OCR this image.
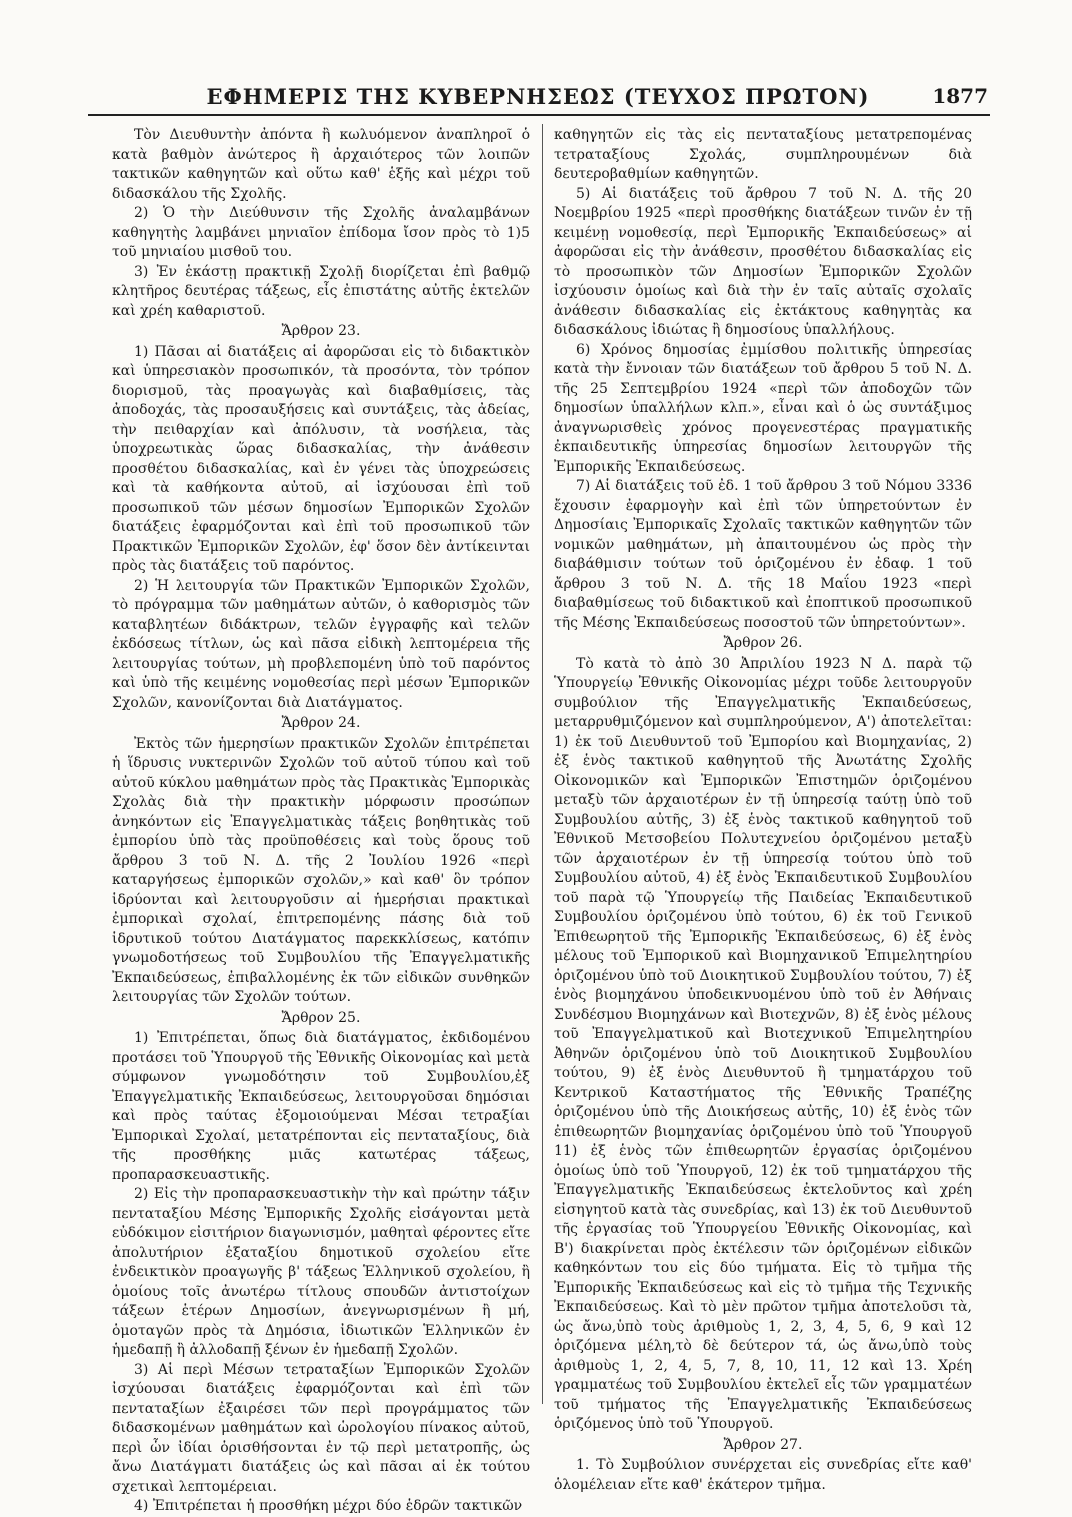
ΕΦΗΜΕΡΙΣ ΤΗΣ ΚΥΒΕΡΝΗΣΕΩΣ (ΤΕΥΧΟΣ ΠΡΩΤΟΝ)	1877

Τὸν Διευθυντὴν ἀπόντα ἢ κωλυόμενον ἀναπληροῖ ὁ κατὰ βαθμὸν ἀνώτερος ἢ ἀρχαιότερος τῶν λοιπῶν τακτικῶν καθηγητῶν καὶ οὕτω καθ' ἑξῆς καὶ μέχρι τοῦ διδασκάλου τῆς Σχολῆς.

2) Ὁ τὴν Διεύθυνσιν τῆς Σχολῆς ἀναλαμβάνων καθηγητὴς λαμβάνει μηνιαῖον ἐπίδομα ἴσον πρὸς τὸ 1)5 τοῦ μηνιαίου μισθοῦ του.

3) Ἐν ἑκάστῃ πρακτικῇ Σχολῇ διορίζεται ἐπὶ βαθμῷ κλητῆρος δευτέρας τάξεως, εἷς ἐπιστάτης αὐτῆς ἐκτελῶν καὶ χρέη καθαριστοῦ.

Ἄρθρον 23.

1) Πᾶσαι αἱ διατάξεις αἱ ἀφορῶσαι εἰς τὸ διδακτικὸν καὶ ὑπηρεσιακὸν προσωπικόν, τὰ προσόντα, τὸν τρόπον διορισμοῦ, τὰς προαγωγὰς καὶ διαβαθμίσεις, τὰς ἀποδοχάς, τὰς προσαυξήσεις καὶ συντάξεις, τὰς ἀδείας, τὴν πειθαρχίαν καὶ ἀπόλυσιν, τὰ νοσήλεια, τὰς ὑποχρεωτικὰς ὥρας διδασκαλίας, τὴν ἀνάθεσιν προσθέτου διδασκαλίας, καὶ ἐν γένει τὰς ὑποχρεώσεις καὶ τὰ καθήκοντα αὐτοῦ, αἱ ἰσχύουσαι ἐπὶ τοῦ προσωπικοῦ τῶν μέσων δημοσίων Ἐμπορικῶν Σχολῶν διατάξεις ἐφαρμόζονται καὶ ἐπὶ τοῦ προσωπικοῦ τῶν Πρακτικῶν Ἐμπορικῶν Σχολῶν, ἐφ' ὅσον δὲν ἀντίκεινται πρὸς τὰς διατάξεις τοῦ παρόντος.

2) Ἡ λειτουργία τῶν Πρακτικῶν Ἐμπορικῶν Σχολῶν, τὸ πρόγραμμα τῶν μαθημάτων αὐτῶν, ὁ καθορισμὸς τῶν καταβλητέων διδάκτρων, τελῶν ἐγγραφῆς καὶ τελῶν ἐκδόσεως τίτλων, ὡς καὶ πᾶσα εἰδικὴ λεπτομέρεια τῆς λειτουργίας τούτων, μὴ προβλεπομένη ὑπὸ τοῦ παρόντος καὶ ὑπὸ τῆς κειμένης νομοθεσίας περὶ μέσων Ἐμπορικῶν Σχολῶν, κανονίζονται διὰ Διατάγματος.

Ἄρθρον 24.

Ἐκτὸς τῶν ἡμερησίων πρακτικῶν Σχολῶν ἐπιτρέπεται ἡ ἵδρυσις νυκτερινῶν Σχολῶν τοῦ αὐτοῦ τύπου καὶ τοῦ αὐτοῦ κύκλου μαθημάτων πρὸς τὰς Πρακτικὰς Ἐμπορικὰς Σχολὰς διὰ τὴν πρακτικὴν μόρφωσιν προσώπων ἀνηκόντων εἰς Ἐπαγγελματικὰς τάξεις βοηθητικὰς τοῦ ἐμπορίου ὑπὸ τὰς προϋποθέσεις καὶ τοὺς ὅρους τοῦ ἄρθρου 3 τοῦ Ν. Δ. τῆς 2 Ἰουλίου 1926 «περὶ καταργήσεως ἐμπορικῶν σχολῶν,» καὶ καθ' ὃν τρόπον ἱδρύονται καὶ λειτουργοῦσιν αἱ ἡμερήσιαι πρακτικαὶ ἐμπορικαὶ σχολαί, ἐπιτρεπομένης πάσης διὰ τοῦ ἱδρυτικοῦ τούτου Διατάγματος παρεκκλίσεως, κατόπιν γνωμοδοτήσεως τοῦ Συμβουλίου τῆς Ἐπαγγελματικῆς Ἐκπαιδεύσεως, ἐπιβαλλομένης ἐκ τῶν εἰδικῶν συνθηκῶν λειτουργίας τῶν Σχολῶν τούτων.

Ἄρθρον 25.

1) Ἐπιτρέπεται, ὅπως διὰ διατάγματος, ἐκδιδομένου προτάσει τοῦ Ὑπουργοῦ τῆς Ἐθνικῆς Οἰκονομίας καὶ μετὰ σύμφωνον γνωμοδότησιν τοῦ Συμβουλίου,ἐξ Ἐπαγγελματικῆς Ἐκπαιδεύσεως, λειτουργοῦσαι δημόσιαι καὶ πρὸς ταύτας ἐξομοιούμεναι Μέσαι τετραξίαι Ἐμπορικαὶ Σχολαί, μετατρέπονται εἰς πενταταξίους, διὰ τῆς προσθήκης μιᾶς κατωτέρας τάξεως, προπαρασκευαστικῆς.

2) Εἰς τὴν προπαρασκευαστικὴν τὴν καὶ πρώτην τάξιν πενταταξίου Μέσης Ἐμπορικῆς Σχολῆς εἰσάγονται μετὰ εὐδόκιμον εἰσιτήριον διαγωνισμόν, μαθηταὶ φέροντες εἴτε ἀπολυτήριον ἑξαταξίου δημοτικοῦ σχολείου εἴτε ἐνδεικτικὸν προαγωγῆς β' τάξεως Ἑλληνικοῦ σχολείου, ἢ ὁμοίους τοῖς ἀνωτέρω τίτλους σπουδῶν ἀντιστοίχων τάξεων ἑτέρων Δημοσίων, ἀνεγνωρισμένων ἢ μή, ὁμοταγῶν πρὸς τὰ Δημόσια, ἰδιωτικῶν Ἑλληνικῶν ἐν ἡμεδαπῇ ἢ ἀλλοδαπῇ ξένων ἐν ἡμεδαπῇ Σχολῶν.

3) Αἱ περὶ Μέσων τετραταξίων Ἐμπορικῶν Σχολῶν ἰσχύουσαι διατάξεις ἐφαρμόζονται καὶ ἐπὶ τῶν πενταταξίων ἐξαιρέσει τῶν περὶ προγράμματος τῶν διδασκομένων μαθημάτων καὶ ὡρολογίου πίνακος αὐτοῦ, περὶ ὧν ἰδίαι ὁρισθήσονται ἐν τῷ περὶ μετατροπῆς, ὡς ἄνω Διατάγματι διατάξεις ὡς καὶ πᾶσαι αἱ ἐκ τούτου σχετικαὶ λεπτομέρειαι.

4) Ἐπιτρέπεται ἡ προσθήκη μέχρι δύο ἑδρῶν τακτικῶν

καθηγητῶν εἰς τὰς εἰς πενταταξίους μετατρεπομένας τετραταξίους Σχολάς, συμπληρουμένων διὰ δευτεροβαθμίων καθηγητῶν.

5) Αἱ διατάξεις τοῦ ἄρθρου 7 τοῦ Ν. Δ. τῆς 20 Νοεμβρίου 1925 «περὶ προσθήκης διατάξεων τινῶν ἐν τῇ κειμένῃ νομοθεσίᾳ, περὶ Ἐμπορικῆς Ἐκπαιδεύσεως» αἱ ἀφορῶσαι εἰς τὴν ἀνάθεσιν, προσθέτου διδασκαλίας εἰς τὸ προσωπικὸν τῶν Δημοσίων Ἐμπορικῶν Σχολῶν ἰσχύουσιν ὁμοίως καὶ διὰ τὴν ἐν ταῖς αὐταῖς σχολαῖς ἀνάθεσιν διδασκαλίας εἰς ἐκτάκτους καθηγητὰς κα διδασκάλους ἰδιώτας ἢ δημοσίους ὑπαλλήλους.

6) Χρόνος δημοσίας ἐμμίσθου πολιτικῆς ὑπηρεσίας κατὰ τὴν ἔννοιαν τῶν διατάξεων τοῦ ἄρθρου 5 τοῦ Ν. Δ. τῆς 25 Σεπτεμβρίου 1924 «περὶ τῶν ἀποδοχῶν τῶν δημοσίων ὑπαλλήλων κλπ.», εἶναι καὶ ὁ ὡς συντάξιμος ἀναγνωρισθεὶς χρόνος προγενεστέρας πραγματικῆς ἐκπαιδευτικῆς ὑπηρεσίας δημοσίων λειτουργῶν τῆς Ἐμπορικῆς Ἐκπαιδεύσεως.

7) Αἱ διατάξεις τοῦ ἐδ. 1 τοῦ ἄρθρου 3 τοῦ Νόμου 3336 ἔχουσιν ἐφαρμογὴν καὶ ἐπὶ τῶν ὑπηρετούντων ἐν Δημοσίαις Ἐμπορικαῖς Σχολαῖς τακτικῶν καθηγητῶν τῶν νομικῶν μαθημάτων, μὴ ἀπαιτουμένου ὡς πρὸς τὴν διαβάθμισιν τούτων τοῦ ὁριζομένου ἐν ἐδαφ. 1 τοῦ ἄρθρου 3 τοῦ Ν. Δ. τῆς 18 Μαΐου 1923 «περὶ διαβαθμίσεως τοῦ διδακτικοῦ καὶ ἐποπτικοῦ προσωπικοῦ τῆς Μέσης Ἐκπαιδεύσεως ποσοστοῦ τῶν ὑπηρετούντων».

Ἄρθρον 26.

Τὸ κατὰ τὸ ἀπὸ 30 Ἀπριλίου 1923 Ν Δ. παρὰ τῷ Ὑπουργείῳ Ἐθνικῆς Οἰκονομίας μέχρι τοῦδε λειτουργοῦν συμβούλιον τῆς Ἐπαγγελματικῆς Ἐκπαιδεύσεως, μεταρρυθμιζόμενον καὶ συμπληρούμενον, Α') ἀποτελεῖται: 1) ἐκ τοῦ Διευθυντοῦ τοῦ Ἐμπορίου καὶ Βιομηχανίας, 2) ἐξ ἑνὸς τακτικοῦ καθηγητοῦ τῆς Ἀνωτάτης Σχολῆς Οἰκονομικῶν καὶ Ἐμπορικῶν Ἐπιστημῶν ὁριζομένου μεταξὺ τῶν ἀρχαιοτέρων ἐν τῇ ὑπηρεσίᾳ ταύτῃ ὑπὸ τοῦ Συμβουλίου αὐτῆς, 3) ἐξ ἑνὸς τακτικοῦ καθηγητοῦ τοῦ Ἐθνικοῦ Μετσοβείου Πολυτεχνείου ὁριζομένου μεταξὺ τῶν ἀρχαιοτέρων ἐν τῇ ὑπηρεσίᾳ τούτου ὑπὸ τοῦ Συμβουλίου αὐτοῦ, 4) ἐξ ἑνὸς Ἐκπαιδευτικοῦ Συμβουλίου τοῦ παρὰ τῷ Ὑπουργείῳ τῆς Παιδείας Ἐκπαιδευτικοῦ Συμβουλίου ὁριζομένου ὑπὸ τούτου, 6) ἐκ τοῦ Γενικοῦ Ἐπιθεωρητοῦ τῆς Ἐμπορικῆς Ἐκπαιδεύσεως, 6) ἐξ ἑνὸς μέλους τοῦ Ἐμπορικοῦ καὶ Βιομηχανικοῦ Ἐπιμελητηρίου ὁριζομένου ὑπὸ τοῦ Διοικητικοῦ Συμβουλίου τούτου, 7) ἐξ ἑνὸς βιομηχάνου ὑποδεικνυομένου ὑπὸ τοῦ ἐν Ἀθήναις Συνδέσμου Βιομηχάνων καὶ Βιοτεχνῶν, 8) ἐξ ἑνὸς μέλους τοῦ Ἐπαγγελματικοῦ καὶ Βιοτεχνικοῦ Ἐπιμελητηρίου Ἀθηνῶν ὁριζομένου ὑπὸ τοῦ Διοικητικοῦ Συμβουλίου τούτου, 9) ἐξ ἑνὸς Διευθυντοῦ ἢ τμηματάρχου τοῦ Κεντρικοῦ Καταστήματος τῆς Ἐθνικῆς Τραπέζης ὁριζομένου ὑπὸ τῆς Διοικήσεως αὐτῆς, 10) ἐξ ἑνὸς τῶν ἐπιθεωρητῶν βιομηχανίας ὁριζομένου ὑπὸ τοῦ Ὑπουργοῦ 11) ἐξ ἑνὸς τῶν ἐπιθεωρητῶν ἐργασίας ὁριζομένου ὁμοίως ὑπὸ τοῦ Ὑπουργοῦ, 12) ἐκ τοῦ τμηματάρχου τῆς Ἐπαγγελματικῆς Ἐκπαιδεύσεως ἐκτελοῦντος καὶ χρέη εἰσηγητοῦ κατὰ τὰς συνεδρίας, καὶ 13) ἐκ τοῦ Διευθυντοῦ τῆς ἐργασίας τοῦ Ὑπουργείου Ἐθνικῆς Οἰκονομίας, καὶ Β') διακρίνεται πρὸς ἐκτέλεσιν τῶν ὁριζομένων εἰδικῶν καθηκόντων του εἰς δύο τμήματα. Εἰς τὸ τμῆμα τῆς Ἐμπορικῆς Ἐκπαιδεύσεως καὶ εἰς τὸ τμῆμα τῆς Τεχνικῆς Ἐκπαιδεύσεως. Καὶ τὸ μὲν πρῶτον τμῆμα ἀποτελοῦσι τὰ, ὡς ἄνω,ὑπὸ τοὺς ἀριθμοὺς 1, 2, 3, 4, 5, 6, 9 καὶ 12 ὁριζόμενα μέλη,τὸ δὲ δεύτερον τά, ὡς ἄνω,ὑπὸ τοὺς ἀριθμοὺς 1, 2, 4, 5, 7, 8, 10, 11, 12 καὶ 13. Χρέη γραμματέως τοῦ Συμβουλίου ἐκτελεῖ εἷς τῶν γραμματέων τοῦ τμήματος τῆς Ἐπαγγελματικῆς Ἐκπαιδεύσεως ὁριζόμενος ὑπὸ τοῦ Ὑπουργοῦ.

Ἄρθρον 27.

1. Τὸ Συμβούλιον συνέρχεται εἰς συνεδρίας εἴτε καθ' ὁλομέλειαν εἴτε καθ' ἑκάτερον τμῆμα.
